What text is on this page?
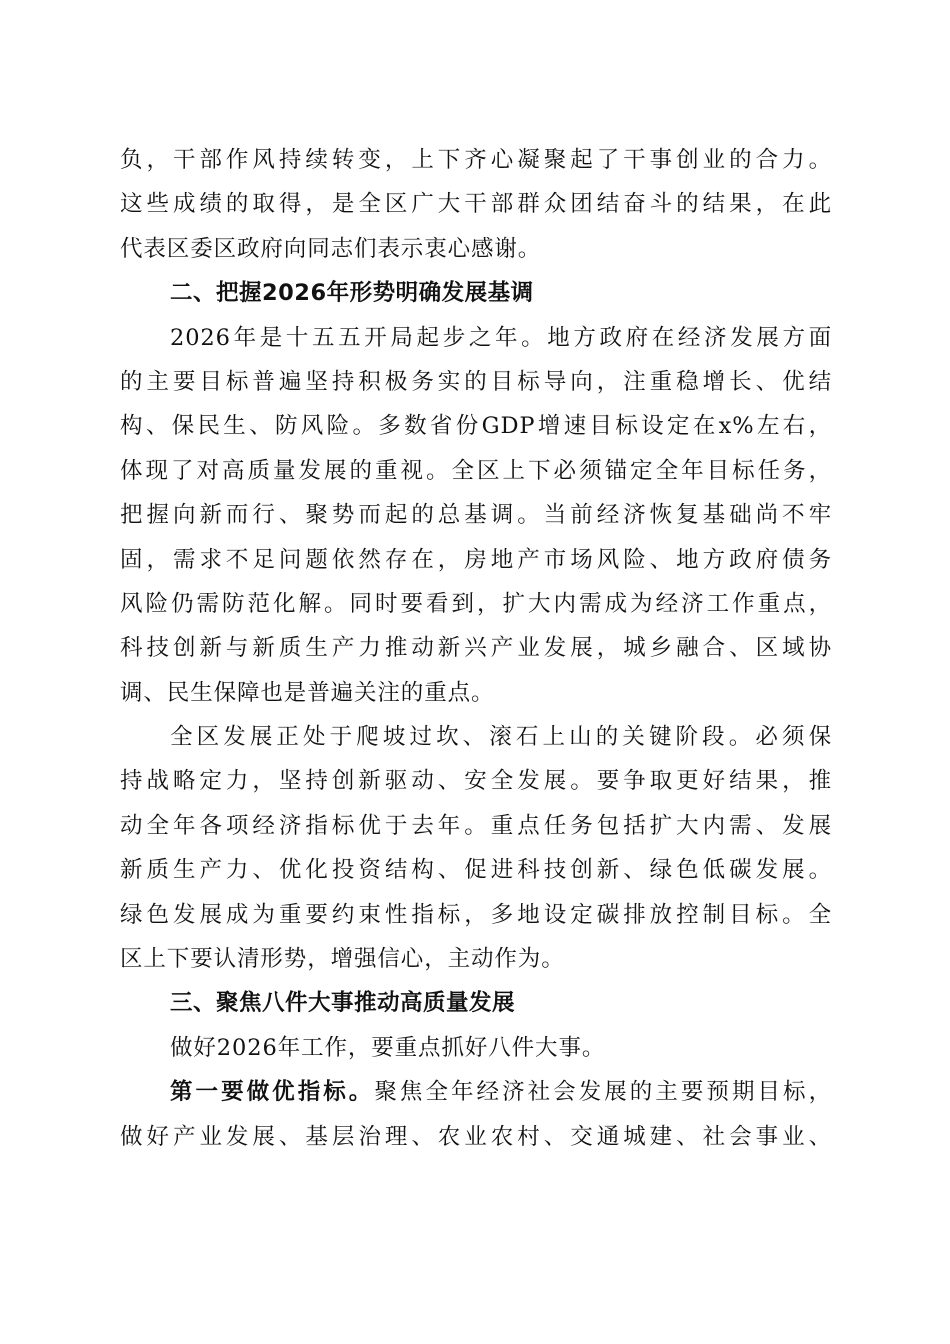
负，干部作风持续转变，上下齐心凝聚起了干事创业的合力。
这些成绩的取得，是全区广大干部群众团结奋斗的结果，在此
代表区委区政府向同志们表示衷心感谢。
二、把握2026年形势明确发展基调
2026年是十五五开局起步之年。地方政府在经济发展方面
的主要目标普遍坚持积极务实的目标导向，注重稳增长、优结
构、保民生、防风险。多数省份GDP增速目标设定在x%左右，
体现了对高质量发展的重视。全区上下必须锚定全年目标任务，
把握向新而行、聚势而起的总基调。当前经济恢复基础尚不牢
固，需求不足问题依然存在，房地产市场风险、地方政府债务
风险仍需防范化解。同时要看到，扩大内需成为经济工作重点，
科技创新与新质生产力推动新兴产业发展，城乡融合、区域协
调、民生保障也是普遍关注的重点。
全区发展正处于爬坡过坎、滚石上山的关键阶段。必须保
持战略定力，坚持创新驱动、安全发展。要争取更好结果，推
动全年各项经济指标优于去年。重点任务包括扩大内需、发展
新质生产力、优化投资结构、促进科技创新、绿色低碳发展。
绿色发展成为重要约束性指标，多地设定碳排放控制目标。全
区上下要认清形势，增强信心，主动作为。
三、聚焦八件大事推动高质量发展
做好2026年工作，要重点抓好八件大事。
第一要做优指标。聚焦全年经济社会发展的主要预期目标，
做好产业发展、基层治理、农业农村、交通城建、社会事业、
